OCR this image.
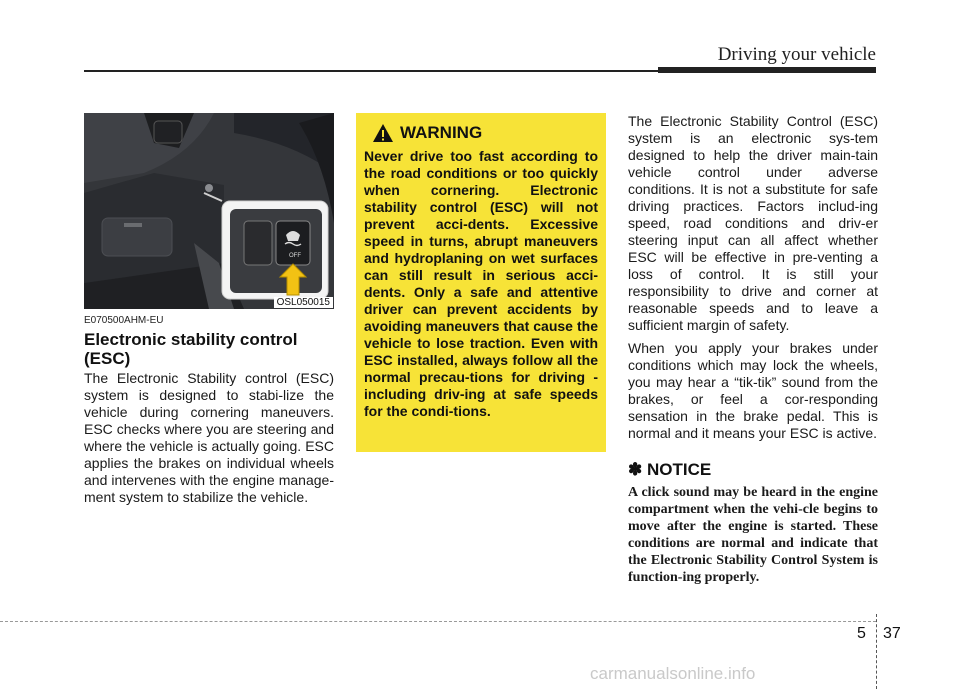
Driving your vehicle
OFF
OSL050015
E070500AHM-EU
Electronic stability control (ESC)
The Electronic Stability control (ESC) system is designed to stabi-lize the vehicle during cornering maneuvers. ESC checks where you are steering and where the vehicle is actually going. ESC applies the brakes on individual wheels and intervenes with the engine manage-ment system to stabilize the vehicle.
WARNING
Never drive too fast according to the road conditions or too quickly when cornering. Electronic stability control (ESC) will not prevent acci-dents. Excessive speed in turns, abrupt maneuvers and hydroplaning on wet surfaces can still result in serious acci-dents. Only a safe and attentive driver can prevent accidents by avoiding maneuvers that cause the vehicle to lose traction. Even with ESC installed, always follow all the normal precau-tions for driving - including driv-ing at safe speeds for the condi-tions.

The Electronic Stability Control (ESC) system is an electronic sys-tem designed to help the driver main-tain vehicle control under adverse conditions. It is not a substitute for safe driving practices. Factors includ-ing speed, road conditions and driv-er steering input can all affect whether ESC will be effective in pre-venting a loss of control. It is still your responsibility to drive and corner at reasonable speeds and to leave a sufficient margin of safety.

When you apply your brakes under conditions which may lock the wheels, you may hear a “tik-tik” sound from the brakes, or feel a cor-responding sensation in the brake pedal. This is normal and it means your ESC is active.

✽ NOTICE
A click sound may be heard in the engine compartment when the vehi-cle begins to move after the engine is started. These conditions are normal and indicate that the Electronic Stability Control System is function-ing properly.
5 37
carmanualsonline.info
